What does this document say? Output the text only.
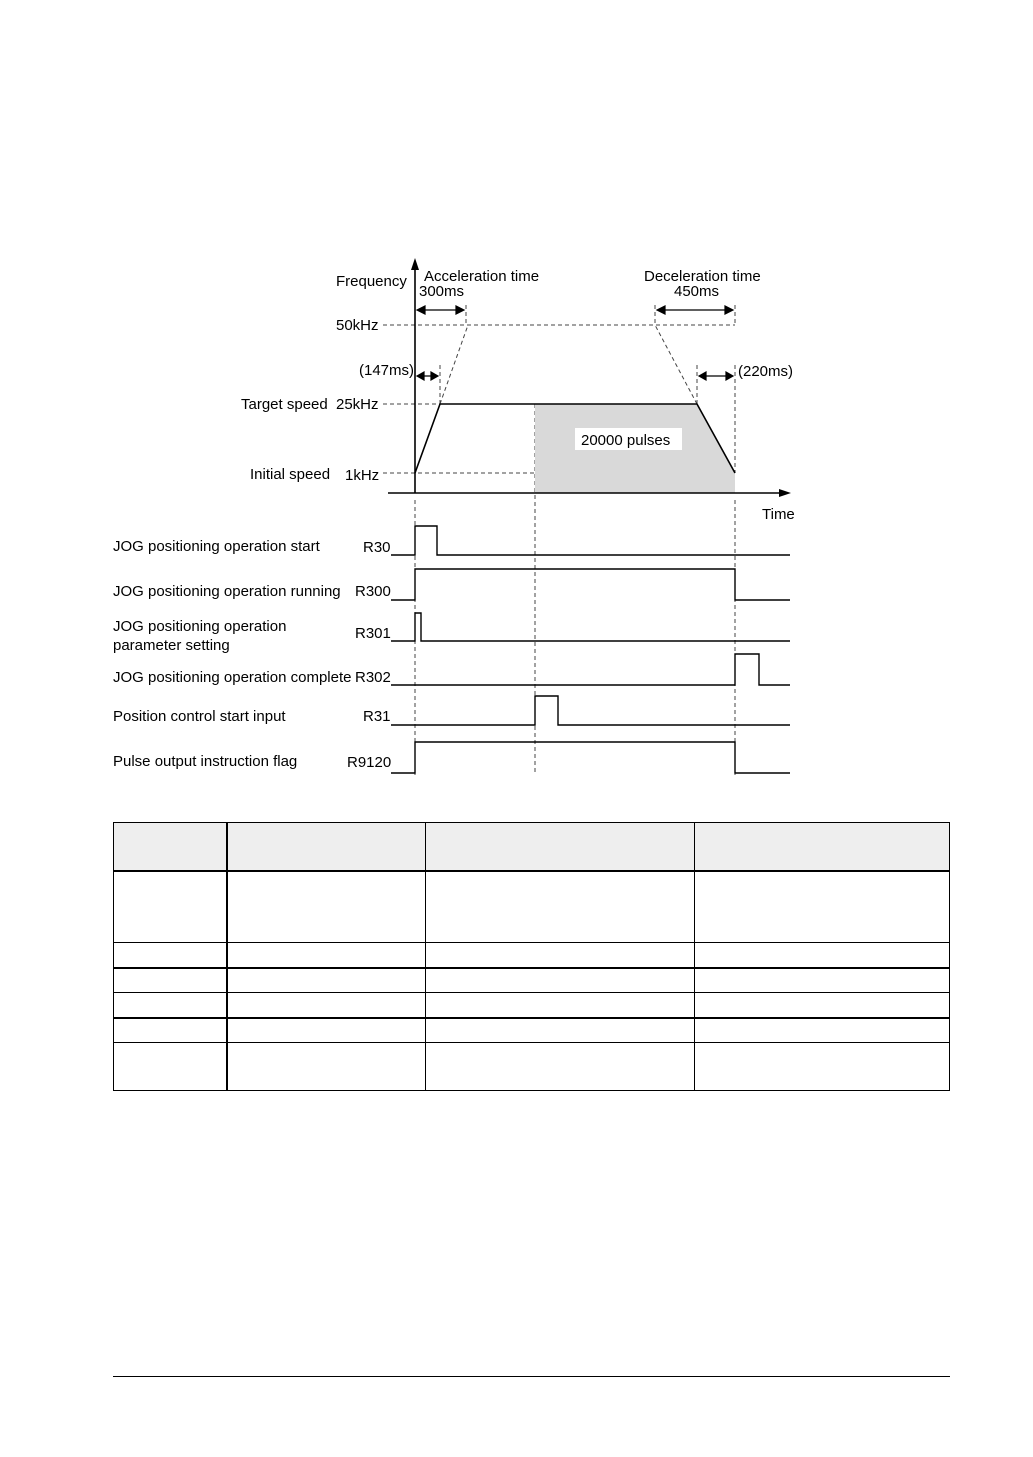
Frequency
Time
Acceleration time
300ms
(147ms)
Deceleration time
450ms
(220ms)
50kHz
Target speed 25kHz
Initial speed 1kHz
20000 pulses
JOG positioning operation start	R30
JOG positioning operation running R300
JOG positioning operation
parameter setting
R301
JOG positioning operation complete R302
Position control start input	R31
Pulse output instruction flag	R9120
